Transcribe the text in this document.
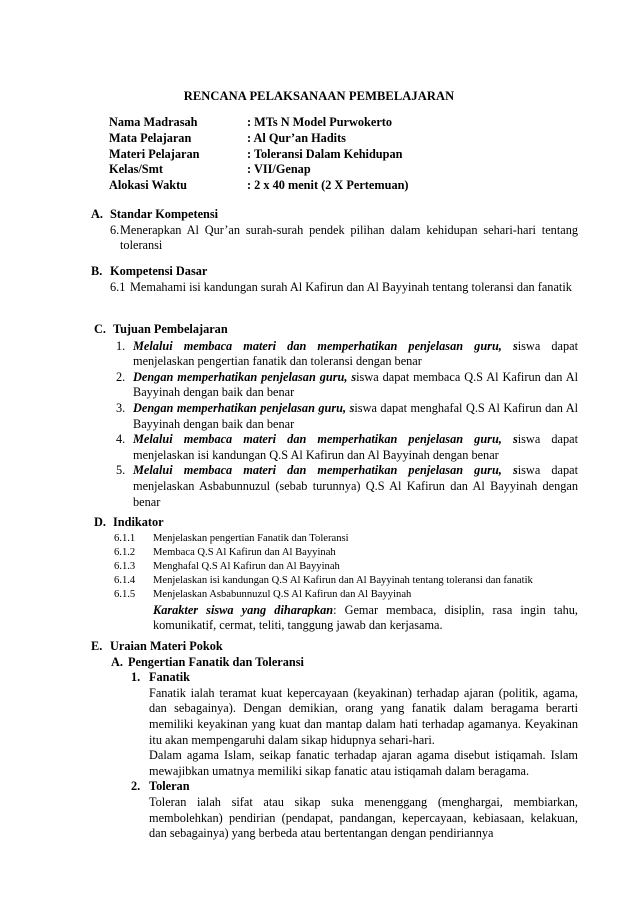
RENCANA PELAKSANAAN PEMBELAJARAN
Nama Madrasah	: MTs N Model Purwokerto
Mata Pelajaran	: Al Qur’an Hadits
Materi Pelajaran	: Toleransi Dalam Kehidupan
Kelas/Smt	: VII/Genap
Alokasi Waktu	: 2 x 40 menit (2 X Pertemuan)
A. Standar Kompetensi
6. Menerapkan Al Qur’an surah-surah pendek pilihan dalam kehidupan sehari-hari tentang toleransi
B. Kompetensi Dasar
6.1 Memahami isi kandungan surah Al Kafirun dan Al Bayyinah tentang toleransi dan fanatik
C. Tujuan Pembelajaran
1. Melalui membaca materi dan memperhatikan penjelasan guru, siswa dapat menjelaskan pengertian fanatik dan toleransi dengan benar
2. Dengan memperhatikan penjelasan guru, siswa dapat membaca Q.S Al Kafirun dan Al Bayyinah dengan baik dan benar
3. Dengan memperhatikan penjelasan guru, siswa dapat menghafal Q.S Al Kafirun dan Al Bayyinah dengan baik dan benar
4. Melalui membaca materi dan memperhatikan penjelasan guru, siswa dapat menjelaskan isi kandungan Q.S Al Kafirun dan Al Bayyinah dengan benar
5. Melalui membaca materi dan memperhatikan penjelasan guru, siswa dapat menjelaskan Asbabunnuzul (sebab turunnya) Q.S Al Kafirun dan Al Bayyinah dengan benar
D. Indikator
6.1.1	Menjelaskan pengertian Fanatik dan Toleransi
6.1.2	Membaca Q.S Al Kafirun dan Al Bayyinah
6.1.3	Menghafal Q.S Al Kafirun dan Al Bayyinah
6.1.4	Menjelaskan isi kandungan Q.S Al Kafirun dan Al Bayyinah tentang toleransi dan fanatik
6.1.5	Menjelaskan Asbabunnuzul Q.S Al Kafirun dan Al Bayyinah
Karakter siswa yang diharapkan: Gemar membaca, disiplin, rasa ingin tahu, komunikatif, cermat, teliti, tanggung jawab dan kerjasama.
E. Uraian Materi Pokok
A. Pengertian Fanatik dan Toleransi
1. Fanatik
Fanatik ialah teramat kuat kepercayaan (keyakinan) terhadap ajaran (politik, agama, dan sebagainya). Dengan demikian, orang yang fanatik dalam beragama berarti memiliki keyakinan yang kuat dan mantap dalam hati terhadap agamanya. Keyakinan itu akan mempengaruhi dalam sikap hidupnya sehari-hari.
Dalam agama Islam, seikap fanatic terhadap ajaran agama disebut istiqamah. Islam mewajibkan umatnya memiliki sikap fanatic atau istiqamah dalam beragama.
2. Toleran
Toleran ialah sifat atau sikap suka menenggang (menghargai, membiarkan, membolehkan) pendirian (pendapat, pandangan, kepercayaan, kebiasaan, kelakuan, dan sebagainya) yang berbeda atau bertentangan dengan pendiriannya
